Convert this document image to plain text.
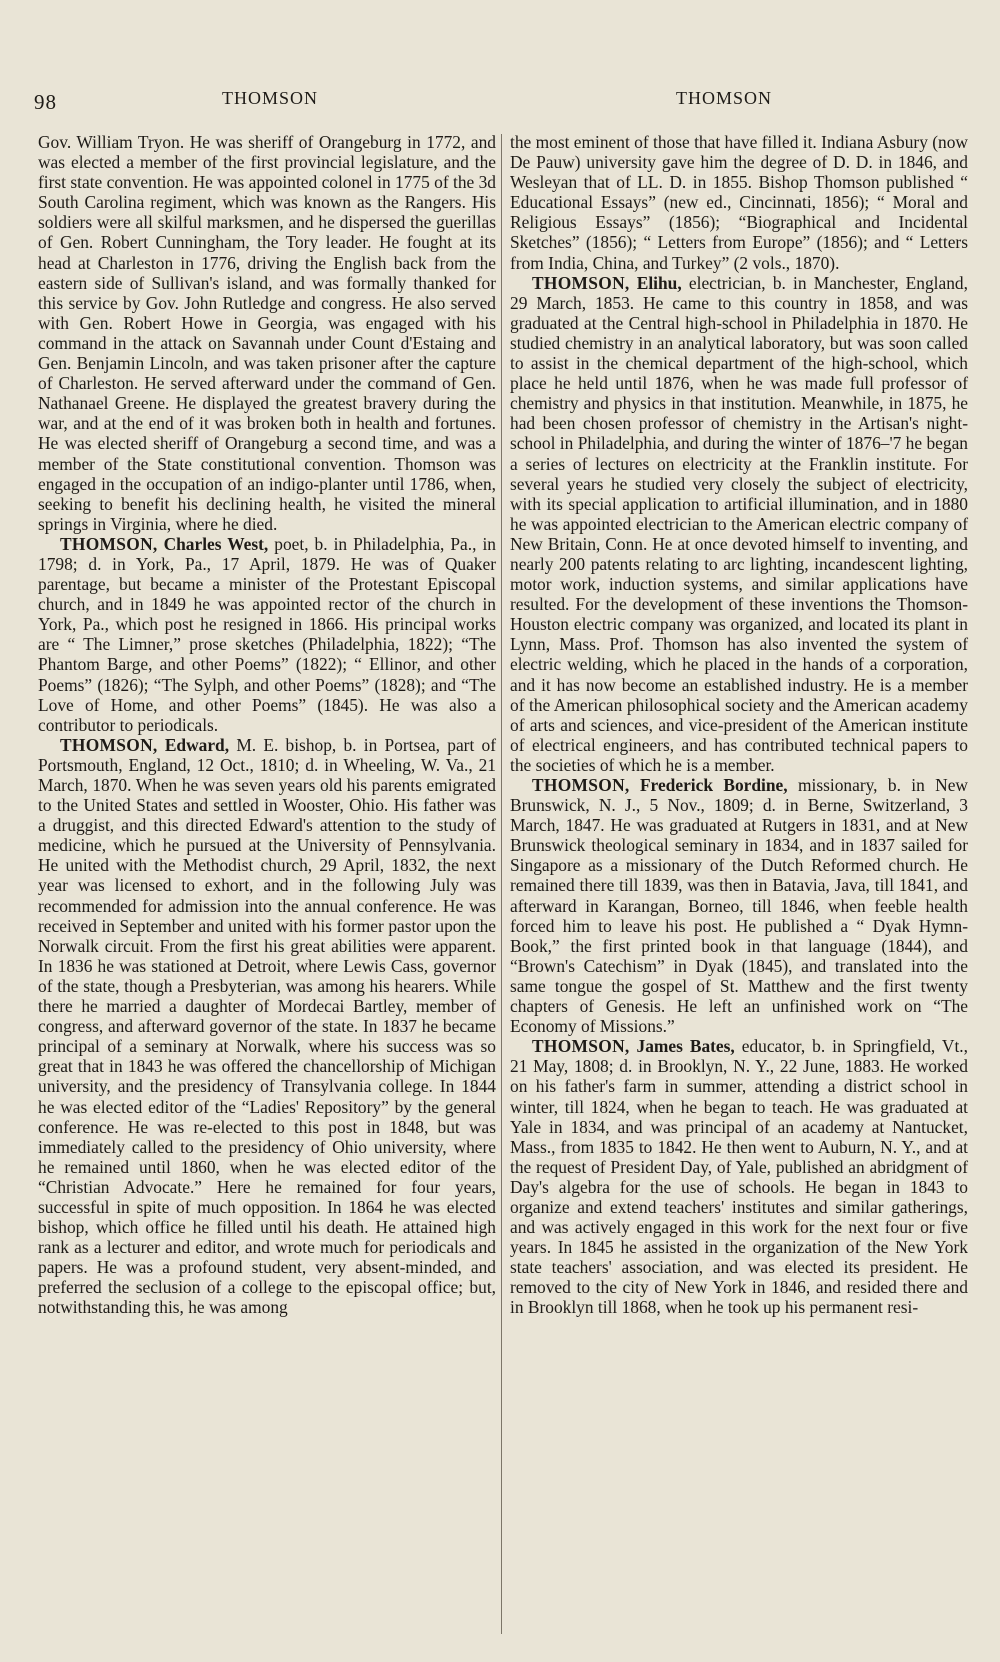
98	THOMSON	THOMSON

Gov. William Tryon. He was sheriff of Orangeburg in 1772, and was elected a member of the first provincial legislature, and the first state convention. He was appointed colonel in 1775 of the 3d South Carolina regiment, which was known as the Rangers. His soldiers were all skilful marksmen, and he dispersed the guerillas of Gen. Robert Cunningham, the Tory leader. He fought at its head at Charleston in 1776, driving the English back from the eastern side of Sullivan's island, and was formally thanked for this service by Gov. John Rutledge and congress. He also served with Gen. Robert Howe in Georgia, was engaged with his command in the attack on Savannah under Count d'Estaing and Gen. Benjamin Lincoln, and was taken prisoner after the capture of Charleston. He served afterward under the command of Gen. Nathanael Greene. He displayed the greatest bravery during the war, and at the end of it was broken both in health and fortunes. He was elected sheriff of Orangeburg a second time, and was a member of the State constitutional convention. Thomson was engaged in the occupation of an indigo-planter until 1786, when, seeking to benefit his declining health, he visited the mineral springs in Virginia, where he died.

THOMSON, Charles West, poet, b. in Philadelphia, Pa., in 1798; d. in York, Pa., 17 April, 1879. He was of Quaker parentage, but became a minister of the Protestant Episcopal church, and in 1849 he was appointed rector of the church in York, Pa., which post he resigned in 1866. His principal works are “ The Limner,” prose sketches (Philadelphia, 1822); “The Phantom Barge, and other Poems” (1822); “ Ellinor, and other Poems” (1826); “The Sylph, and other Poems” (1828); and “The Love of Home, and other Poems” (1845). He was also a contributor to periodicals.

THOMSON, Edward, M. E. bishop, b. in Portsea, part of Portsmouth, England, 12 Oct., 1810; d. in Wheeling, W. Va., 21 March, 1870. When he was seven years old his parents emigrated to the United States and settled in Wooster, Ohio. His father was a druggist, and this directed Edward's attention to the study of medicine, which he pursued at the University of Pennsylvania. He united with the Methodist church, 29 April, 1832, the next year was licensed to exhort, and in the following July was recommended for admission into the annual conference. He was received in September and united with his former pastor upon the Norwalk circuit. From the first his great abilities were apparent. In 1836 he was stationed at Detroit, where Lewis Cass, governor of the state, though a Presbyterian, was among his hearers. While there he married a daughter of Mordecai Bartley, member of congress, and afterward governor of the state. In 1837 he became principal of a seminary at Norwalk, where his success was so great that in 1843 he was offered the chancellorship of Michigan university, and the presidency of Transylvania college. In 1844 he was elected editor of the “Ladies' Repository” by the general conference. He was re-elected to this post in 1848, but was immediately called to the presidency of Ohio university, where he remained until 1860, when he was elected editor of the “Christian Advocate.” Here he remained for four years, successful in spite of much opposition. In 1864 he was elected bishop, which office he filled until his death. He attained high rank as a lecturer and editor, and wrote much for periodicals and papers. He was a profound student, very absent-minded, and preferred the seclusion of a college to the episcopal office; but, notwithstanding this, he was among

the most eminent of those that have filled it. Indiana Asbury (now De Pauw) university gave him the degree of D. D. in 1846, and Wesleyan that of LL. D. in 1855. Bishop Thomson published “ Educational Essays” (new ed., Cincinnati, 1856); “ Moral and Religious Essays” (1856); “Biographical and Incidental Sketches” (1856); “ Letters from Europe” (1856); and “ Letters from India, China, and Turkey” (2 vols., 1870).

THOMSON, Elihu, electrician, b. in Manchester, England, 29 March, 1853. He came to this country in 1858, and was graduated at the Central high-school in Philadelphia in 1870. He studied chemistry in an analytical laboratory, but was soon called to assist in the chemical department of the high-school, which place he held until 1876, when he was made full professor of chemistry and physics in that institution. Meanwhile, in 1875, he had been chosen professor of chemistry in the Artisan's night-school in Philadelphia, and during the winter of 1876–'7 he began a series of lectures on electricity at the Franklin institute. For several years he studied very closely the subject of electricity, with its special application to artificial illumination, and in 1880 he was appointed electrician to the American electric company of New Britain, Conn. He at once devoted himself to inventing, and nearly 200 patents relating to arc lighting, incandescent lighting, motor work, induction systems, and similar applications have resulted. For the development of these inventions the Thomson-Houston electric company was organized, and located its plant in Lynn, Mass. Prof. Thomson has also invented the system of electric welding, which he placed in the hands of a corporation, and it has now become an established industry. He is a member of the American philosophical society and the American academy of arts and sciences, and vice-president of the American institute of electrical engineers, and has contributed technical papers to the societies of which he is a member.

THOMSON, Frederick Bordine, missionary, b. in New Brunswick, N. J., 5 Nov., 1809; d. in Berne, Switzerland, 3 March, 1847. He was graduated at Rutgers in 1831, and at New Brunswick theological seminary in 1834, and in 1837 sailed for Singapore as a missionary of the Dutch Reformed church. He remained there till 1839, was then in Batavia, Java, till 1841, and afterward in Karangan, Borneo, till 1846, when feeble health forced him to leave his post. He published a “ Dyak Hymn-Book,” the first printed book in that language (1844), and “Brown's Catechism” in Dyak (1845), and translated into the same tongue the gospel of St. Matthew and the first twenty chapters of Genesis. He left an unfinished work on “The Economy of Missions.”

THOMSON, James Bates, educator, b. in Springfield, Vt., 21 May, 1808; d. in Brooklyn, N. Y., 22 June, 1883. He worked on his father's farm in summer, attending a district school in winter, till 1824, when he began to teach. He was graduated at Yale in 1834, and was principal of an academy at Nantucket, Mass., from 1835 to 1842. He then went to Auburn, N. Y., and at the request of President Day, of Yale, published an abridgment of Day's algebra for the use of schools. He began in 1843 to organize and extend teachers' institutes and similar gatherings, and was actively engaged in this work for the next four or five years. In 1845 he assisted in the organization of the New York state teachers' association, and was elected its president. He removed to the city of New York in 1846, and resided there and in Brooklyn till 1868, when he took up his permanent resi-
